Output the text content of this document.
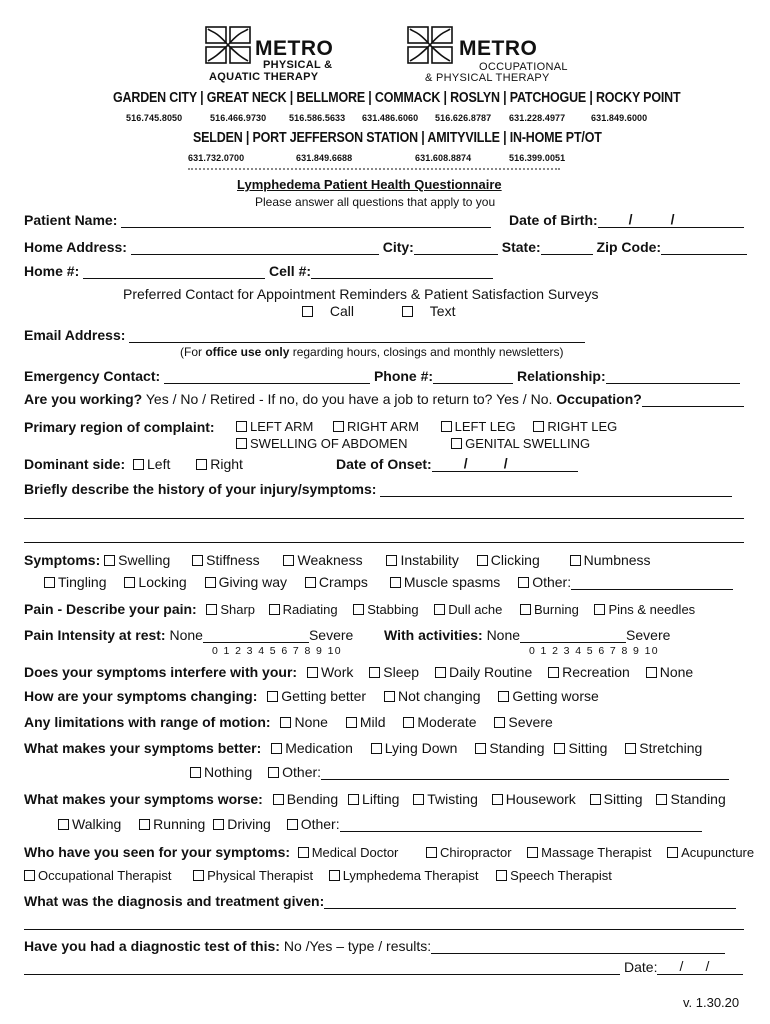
METRO
PHYSICAL &
AQUATIC THERAPY
METRO
OCCUPATIONAL
& PHYSICAL THERAPY
GARDEN CITY | GREAT NECK | BELLMORE | COMMACK | ROSLYN | PATCHOGUE | ROCKY POINT
516.745.8050	516.466.9730	516.586.5633 631.486.6060 516.626.8787 631.228.4977	631.849.6000
SELDEN | PORT JEFFERSON STATION | AMITYVILLE | IN-HOME PT/OT
631.732.0700	631.849.6688	631.608.8874	516.399.0051
Lymphedema Patient Health Questionnaire
Please answer all questions that apply to you
Patient Name:	Date of Birth: /	/
Home Address:	City:	State:	Zip Code:
Home #:	Cell #:
Preferred Contact for Appointment Reminders & Patient Satisfaction Surveys
Call	Text
Email Address:
(For office use only regarding hours, closings and monthly newsletters)
Emergency Contact:	Phone #:	Relationship:
Are you working? Yes / No / Retired - If no, do you have a job to return to? Yes / No. Occupation?
Primary region of complaint:	LEFT ARM	RIGHT ARM	LEFT LEG RIGHT LEG
SWELLING OF ABDOMEN	GENITAL SWELLING
Dominant side: Left	Right	Date of Onset: /	/
Briefly describe the history of your injury/symptoms:
Symptoms: Swelling	Stiffness	Weakness	Instability Clicking	Numbness
Tingling Locking Giving way Cramps	Muscle spasms Other:
Pain - Describe your pain: Sharp Radiating Stabbing Dull ache Burning Pins & needles
Pain Intensity at rest: None	Severe With activities: None	Severe
0 1 2 3 4 5 6 7 8 9 10	0 1 2 3 4 5 6 7 8 9 10
Does your symptoms interfere with your: Work Sleep Daily Routine Recreation None
How are your symptoms changing: Getting better Not changing Getting worse
Any limitations with range of motion: None Mild Moderate Severe
What makes your symptoms better: Medication Lying Down Standing Sitting Stretching
Nothing Other:
What makes your symptoms worse: Bending Lifting Twisting Housework Sitting Standing
Walking Running Driving Other:
Who have you seen for your symptoms: Medical Doctor	Chiropractor Massage Therapist Acupuncture
Occupational Therapist	Physical Therapist Lymphedema Therapist Speech Therapist
What was the diagnosis and treatment given:
Have you had a diagnostic test of this: No /Yes – type / results:
Date: / /
v. 1.30.20
